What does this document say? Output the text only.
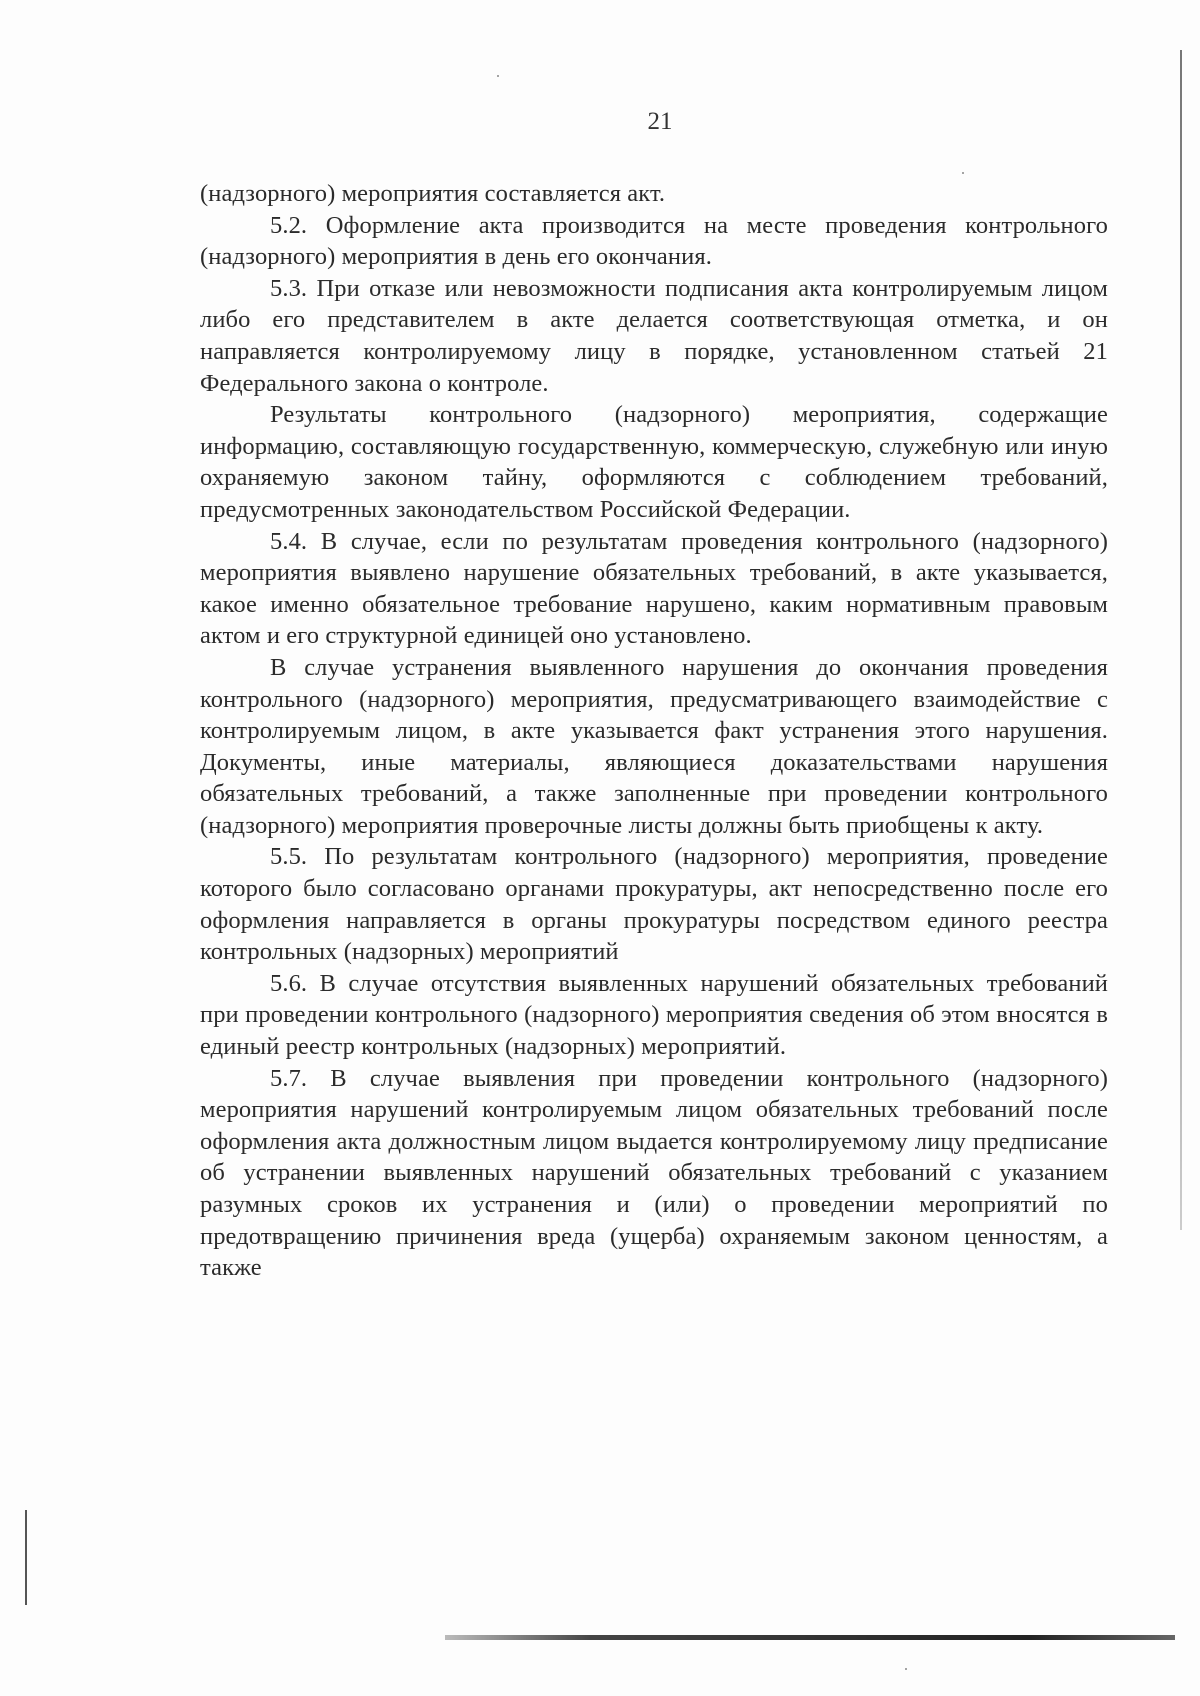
21

(надзорного) мероприятия составляется акт.

5.2. Оформление акта производится на месте проведения контрольного (надзорного) мероприятия в день его окончания.

5.3. При отказе или невозможности подписания акта контролируемым лицом либо его представителем в акте делается соответствующая отметка, и он направляется контролируемому лицу в порядке, установленном статьей 21 Федерального закона о контроле.

Результаты контрольного (надзорного) мероприятия, содержащие информацию, составляющую государственную, коммерческую, служебную или иную охраняемую законом тайну, оформляются с соблюдением требований, предусмотренных законодательством Российской Федерации.

5.4. В случае, если по результатам проведения контрольного (надзорного) мероприятия выявлено нарушение обязательных требований, в акте указывается, какое именно обязательное требование нарушено, каким нормативным правовым актом и его структурной единицей оно установлено.

В случае устранения выявленного нарушения до окончания проведения контрольного (надзорного) мероприятия, предусматривающего взаимодействие с контролируемым лицом, в акте указывается факт устранения этого нарушения. Документы, иные материалы, являющиеся доказательствами нарушения обязательных требований, а также заполненные при проведении контрольного (надзорного) мероприятия проверочные листы должны быть приобщены к акту.

5.5. По результатам контрольного (надзорного) мероприятия, проведение которого было согласовано органами прокуратуры, акт непосредственно после его оформления направляется в органы прокуратуры посредством единого реестра контрольных (надзорных) мероприятий

5.6. В случае отсутствия выявленных нарушений обязательных требований при проведении контрольного (надзорного) мероприятия сведения об этом вносятся в единый реестр контрольных (надзорных) мероприятий.

5.7. В случае выявления при проведении контрольного (надзорного) мероприятия нарушений контролируемым лицом обязательных требований после оформления акта должностным лицом выдается контролируемому лицу предписание об устранении выявленных нарушений обязательных требований с указанием разумных сроков их устранения и (или) о проведении мероприятий по предотвращению причинения вреда (ущерба) охраняемым законом ценностям, а также
